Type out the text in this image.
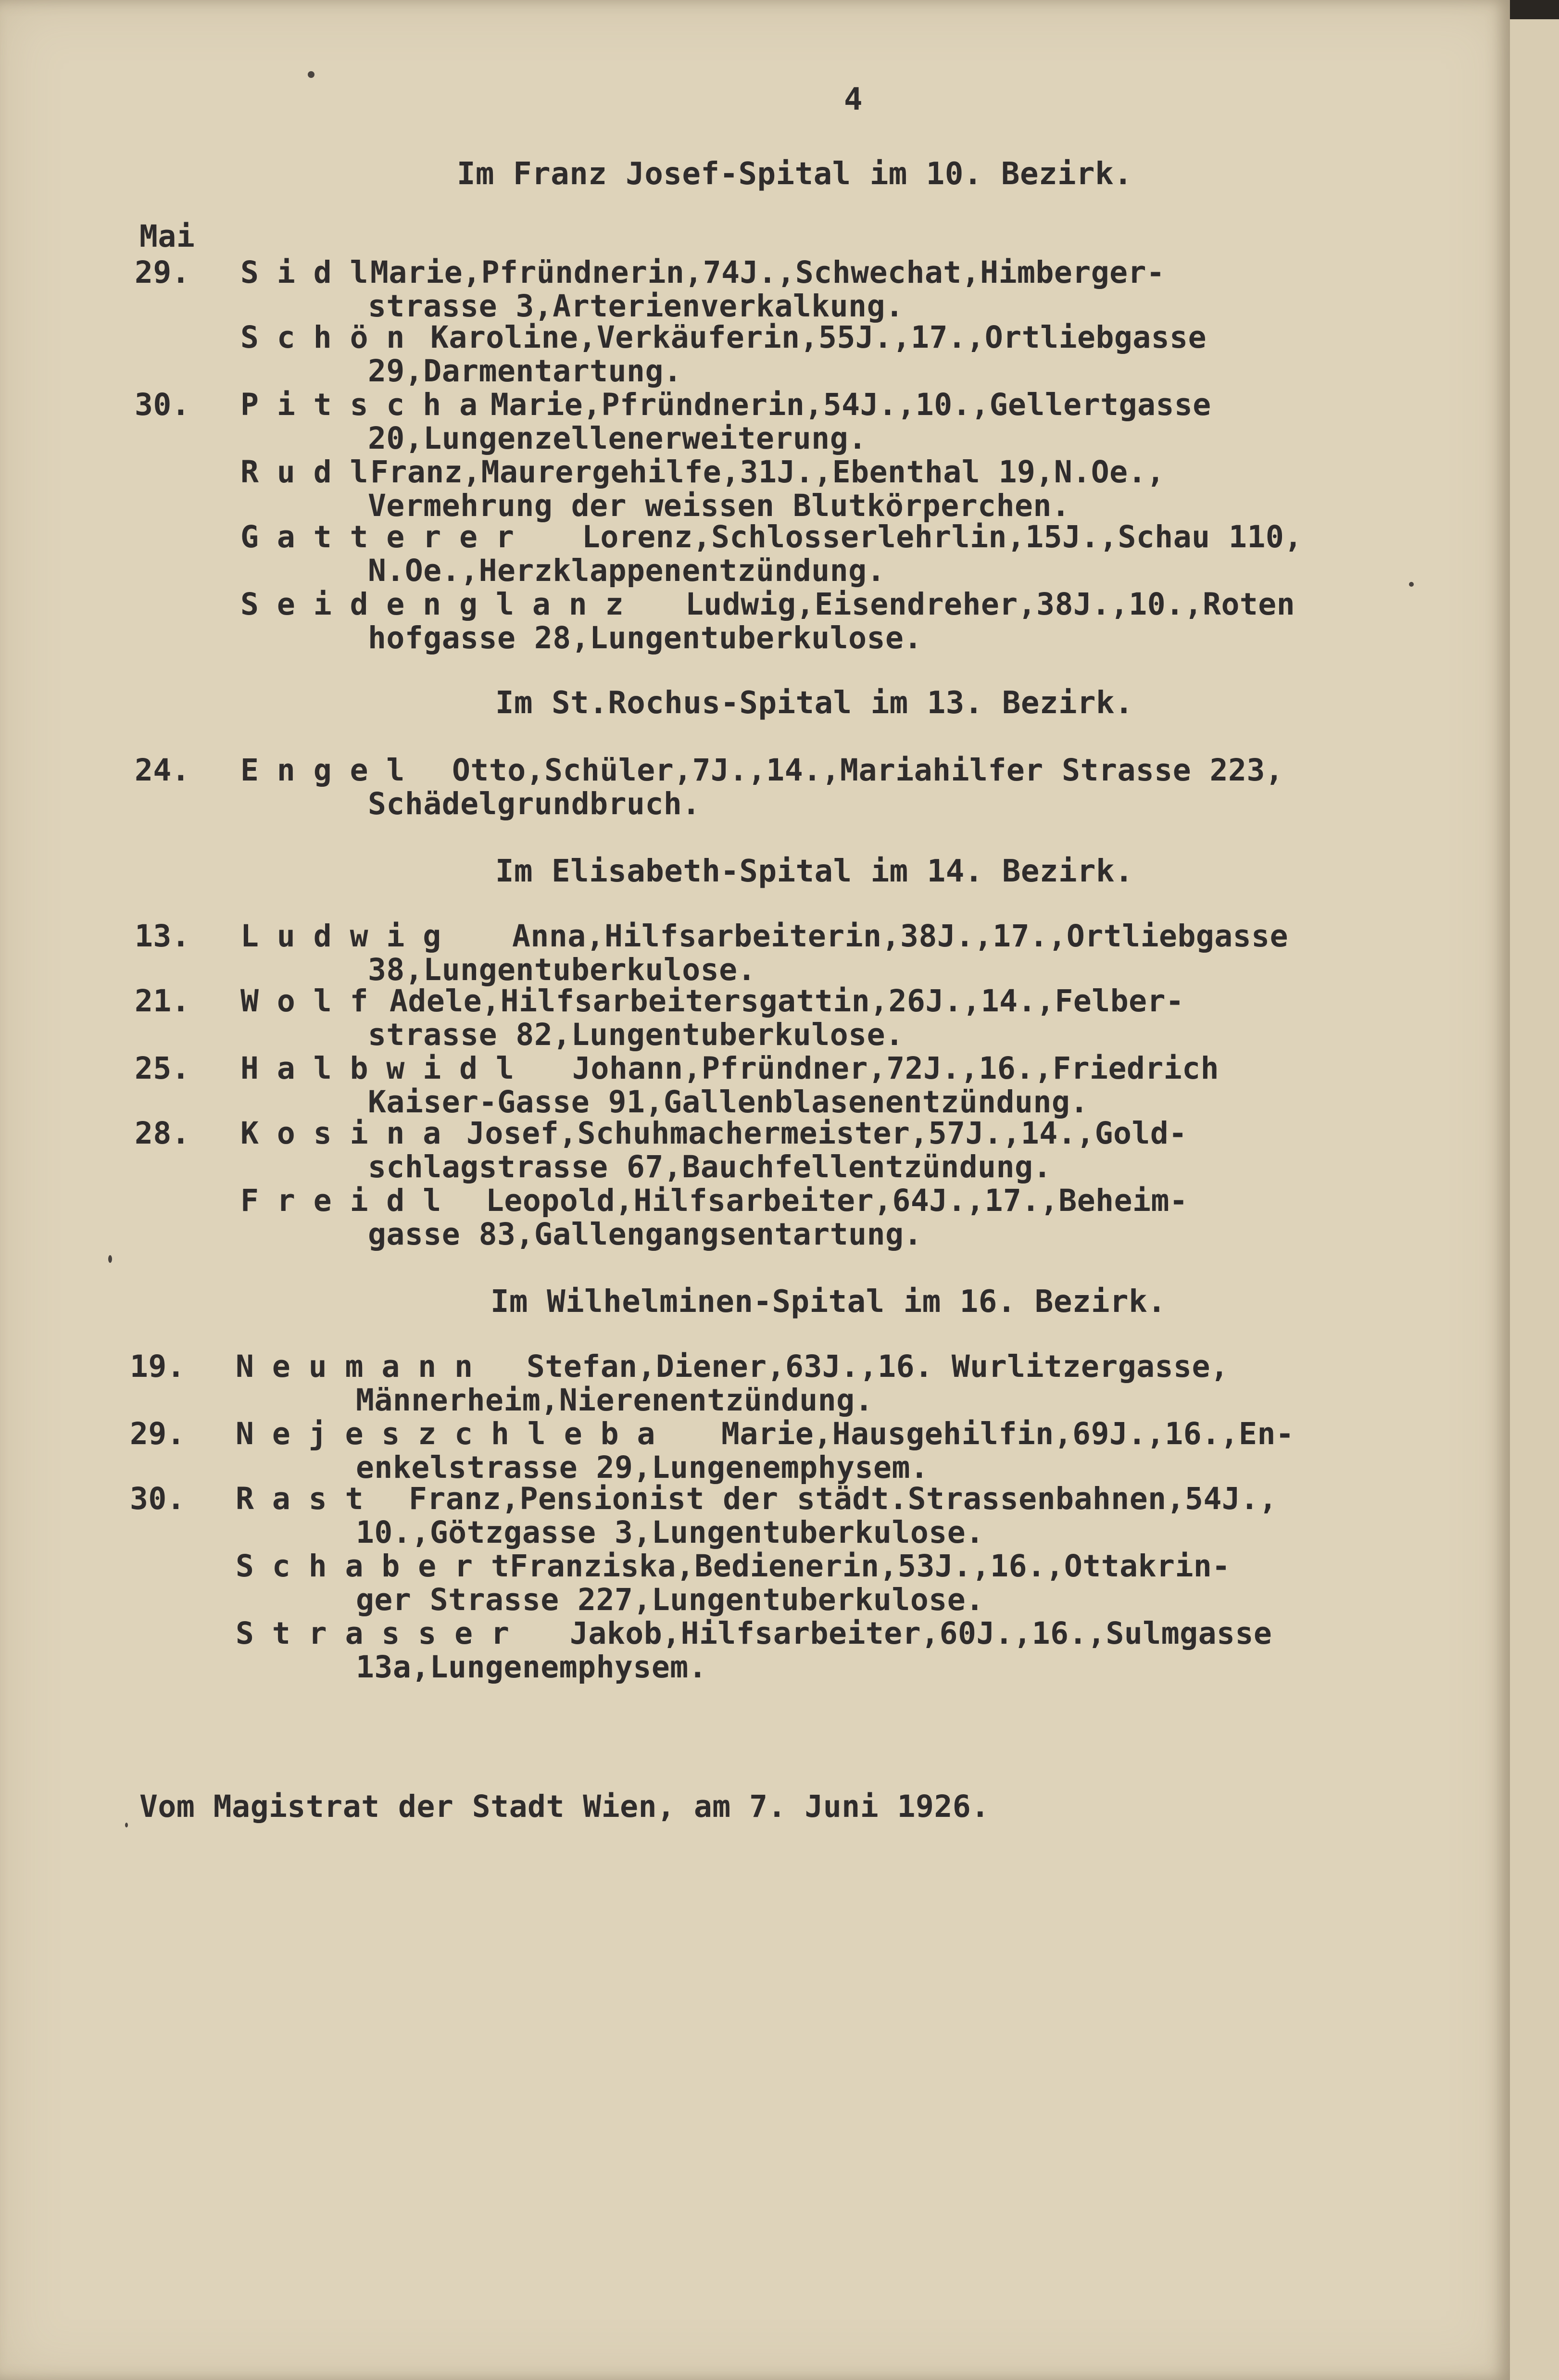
4
Im Franz Josef-Spital im 10. Bezirk.
Mai
29. S i d l Marie,Pfründnerin,74J.,Schwechat,Himberger-
strasse 3,Arterienverkalkung.
S c h ö n Karoline,Verkäuferin,55J.,17.,Ortliebgasse
29,Darmentartung.
30. P i t s c h a Marie,Pfründnerin,54J.,10.,Gellertgasse
20,Lungenzellenerweiterung.
R u d l Franz,Maurergehilfe,31J.,Ebenthal 19,N.Oe.,
Vermehrung der weissen Blutkörperchen.
G a t t e r e r Lorenz,Schlosserlehrlin,15J.,Schau 110,
N.Oe.,Herzklappenentzündung.
S e i d e n g l a n z Ludwig,Eisendreher,38J.,10.,Roten
hofgasse 28,Lungentuberkulose.
Im St.Rochus-Spital im 13. Bezirk.
24. E n g e l Otto,Schüler,7J.,14.,Mariahilfer Strasse 223,
Schädelgrundbruch.
Im Elisabeth-Spital im 14. Bezirk.
13. L u d w i g Anna,Hilfsarbeiterin,38J.,17.,Ortliebgasse
38,Lungentuberkulose.
21. W o l f Adele,Hilfsarbeitersgattin,26J.,14.,Felber-
strasse 82,Lungentuberkulose.
25. H a l b w i d l Johann,Pfründner,72J.,16.,Friedrich
Kaiser-Gasse 91,Gallenblasenentzündung.
28. K o s i n a Josef,Schuhmachermeister,57J.,14.,Gold-
schlagstrasse 67,Bauchfellentzündung.
F r e i d l Leopold,Hilfsarbeiter,64J.,17.,Beheim-
gasse 83,Gallengangsentartung.
Im Wilhelminen-Spital im 16. Bezirk.
19. N e u m a n n Stefan,Diener,63J.,16. Wurlitzergasse,
Männerheim,Nierenentzündung.
29. N e j e s z c h l e b a Marie,Hausgehilfin,69J.,16.,En-
enkelstrasse 29,Lungenemphysem.
30. R a s t Franz,Pensionist der städt.Strassenbahnen,54J.,
10.,Götzgasse 3,Lungentuberkulose.
S c h a b e r t Franziska,Bedienerin,53J.,16.,Ottakrin-
ger Strasse 227,Lungentuberkulose.
S t r a s s e r Jakob,Hilfsarbeiter,60J.,16.,Sulmgasse
13a,Lungenemphysem.
Vom Magistrat der Stadt Wien, am 7. Juni 1926.
